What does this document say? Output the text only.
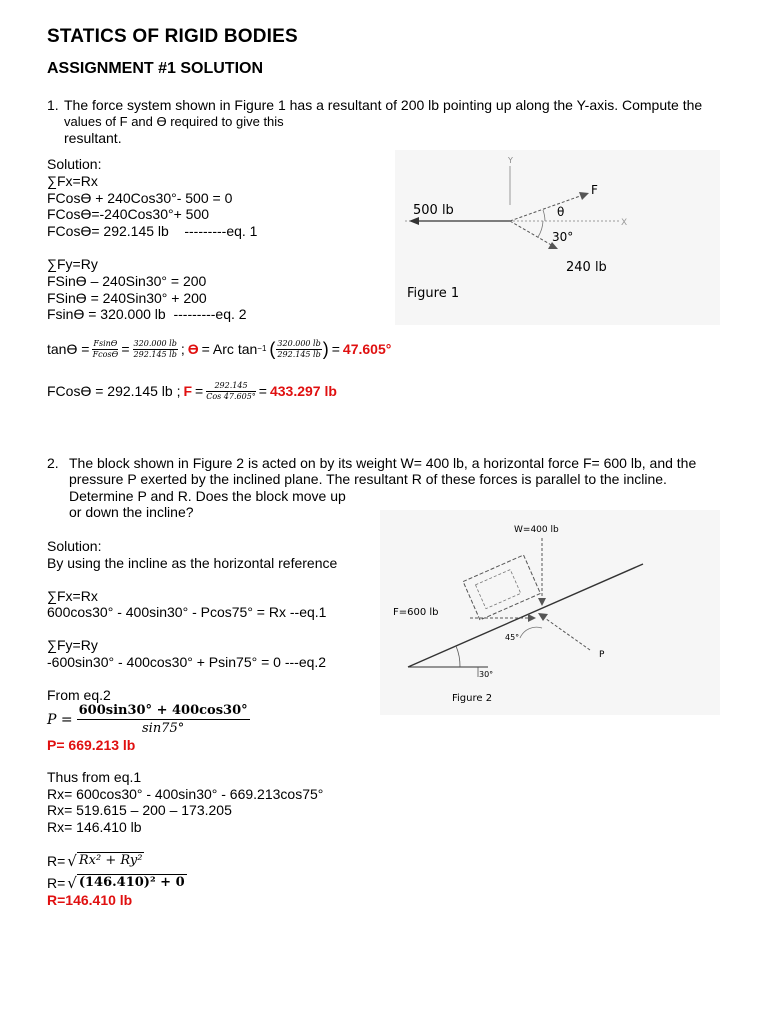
STATICS OF RIGID BODIES
ASSIGNMENT #1 SOLUTION
1. The force system shown in Figure 1 has a resultant of 200 lb pointing up along the Y-axis. Compute the
values of F and ϴ required to give this
resultant.
Solution:
∑Fx=Rx
FCosϴ + 240Cos30°- 500 = 0
FCosϴ=-240Cos30°+ 500
FCosϴ= 292.145 lb    ---------eq. 1
∑Fy=Ry
FSinϴ – 240Sin30° = 200
FSinϴ = 240Sin30° + 200
Fsinϴ = 320.000 lb  ---------eq. 2
$\tan ϴ = \frac{Fsinϴ}{Fcosϴ} = \frac{320.000 lb}{292.145 lb}$ ; ϴ = Arc tan −1 ( $\frac{320.000 lb}{292.145 lb}$ ) = 47.605°
FCosϴ = 292.145 lb ; $F = \frac{292.145}{\text{Cos 47.605°}} = 433.297$ lb
Y
F
500 lb	θ
X
30°
240 lb
Figure 1
2. The block shown in Figure 2 is acted on by its weight W= 400 lb, a horizontal force F= 600 lb, and the
pressure P exerted by the inclined plane. The resultant R of these forces is parallel to the incline.
Determine P and R. Does the block move up
or down the incline?
Solution:
By using the incline as the horizontal reference
∑Fx=Rx
600cos30° - 400sin30° - Pcos75° = Rx --eq.1
∑Fy=Ry
-600sin30° - 400cos30° + Psin75° = 0 ---eq.2
From eq.2
$P = \frac{600\sin 30^\circ + 400\cos 30^\circ}{\sin 75^\circ}$
P= 669.213 lb
Thus from eq.1
Rx= 600cos30° - 400sin30° - 669.213cos75°
Rx= 519.615 – 200 – 173.205
Rx= 146.410 lb
R= √ Rx² + Ry²
R= √ (146.410)² + 0
R=146.410 lb
W=400 lb
F=600 lb
45°
P
30°
Figure 2
